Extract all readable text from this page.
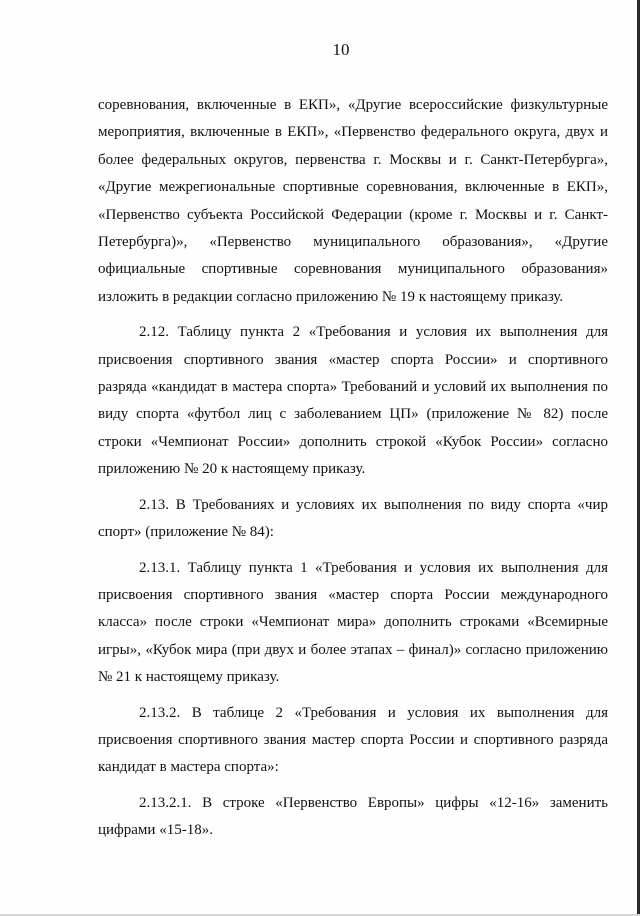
10

соревнования, включенные в ЕКП», «Другие всероссийские физкультурные мероприятия, включенные в ЕКП», «Первенство федерального округа, двух и более федеральных округов, первенства г. Москвы и г. Санкт-Петербурга», «Другие межрегиональные спортивные соревнования, включенные в ЕКП», «Первенство субъекта Российской Федерации (кроме г. Москвы и г. Санкт-Петербурга)», «Первенство муниципального образования», «Другие официальные спортивные соревнования муниципального образования» изложить в редакции согласно приложению № 19 к настоящему приказу.

2.12. Таблицу пункта 2 «Требования и условия их выполнения для присвоения спортивного звания «мастер спорта России» и спортивного разряда «кандидат в мастера спорта» Требований и условий их выполнения по виду спорта «футбол лиц с заболеванием ЦП» (приложение № 82) после строки «Чемпионат России» дополнить строкой «Кубок России» согласно приложению № 20 к настоящему приказу.

2.13. В Требованиях и условиях их выполнения по виду спорта «чир спорт» (приложение № 84):

2.13.1. Таблицу пункта 1 «Требования и условия их выполнения для присвоения спортивного звания «мастер спорта России международного класса» после строки «Чемпионат мира» дополнить строками «Всемирные игры», «Кубок мира (при двух и более этапах – финал)» согласно приложению № 21 к настоящему приказу.

2.13.2. В таблице 2 «Требования и условия их выполнения для присвоения спортивного звания мастер спорта России и спортивного разряда кандидат в мастера спорта»:

2.13.2.1. В строке «Первенство Европы» цифры «12-16» заменить цифрами «15-18».
